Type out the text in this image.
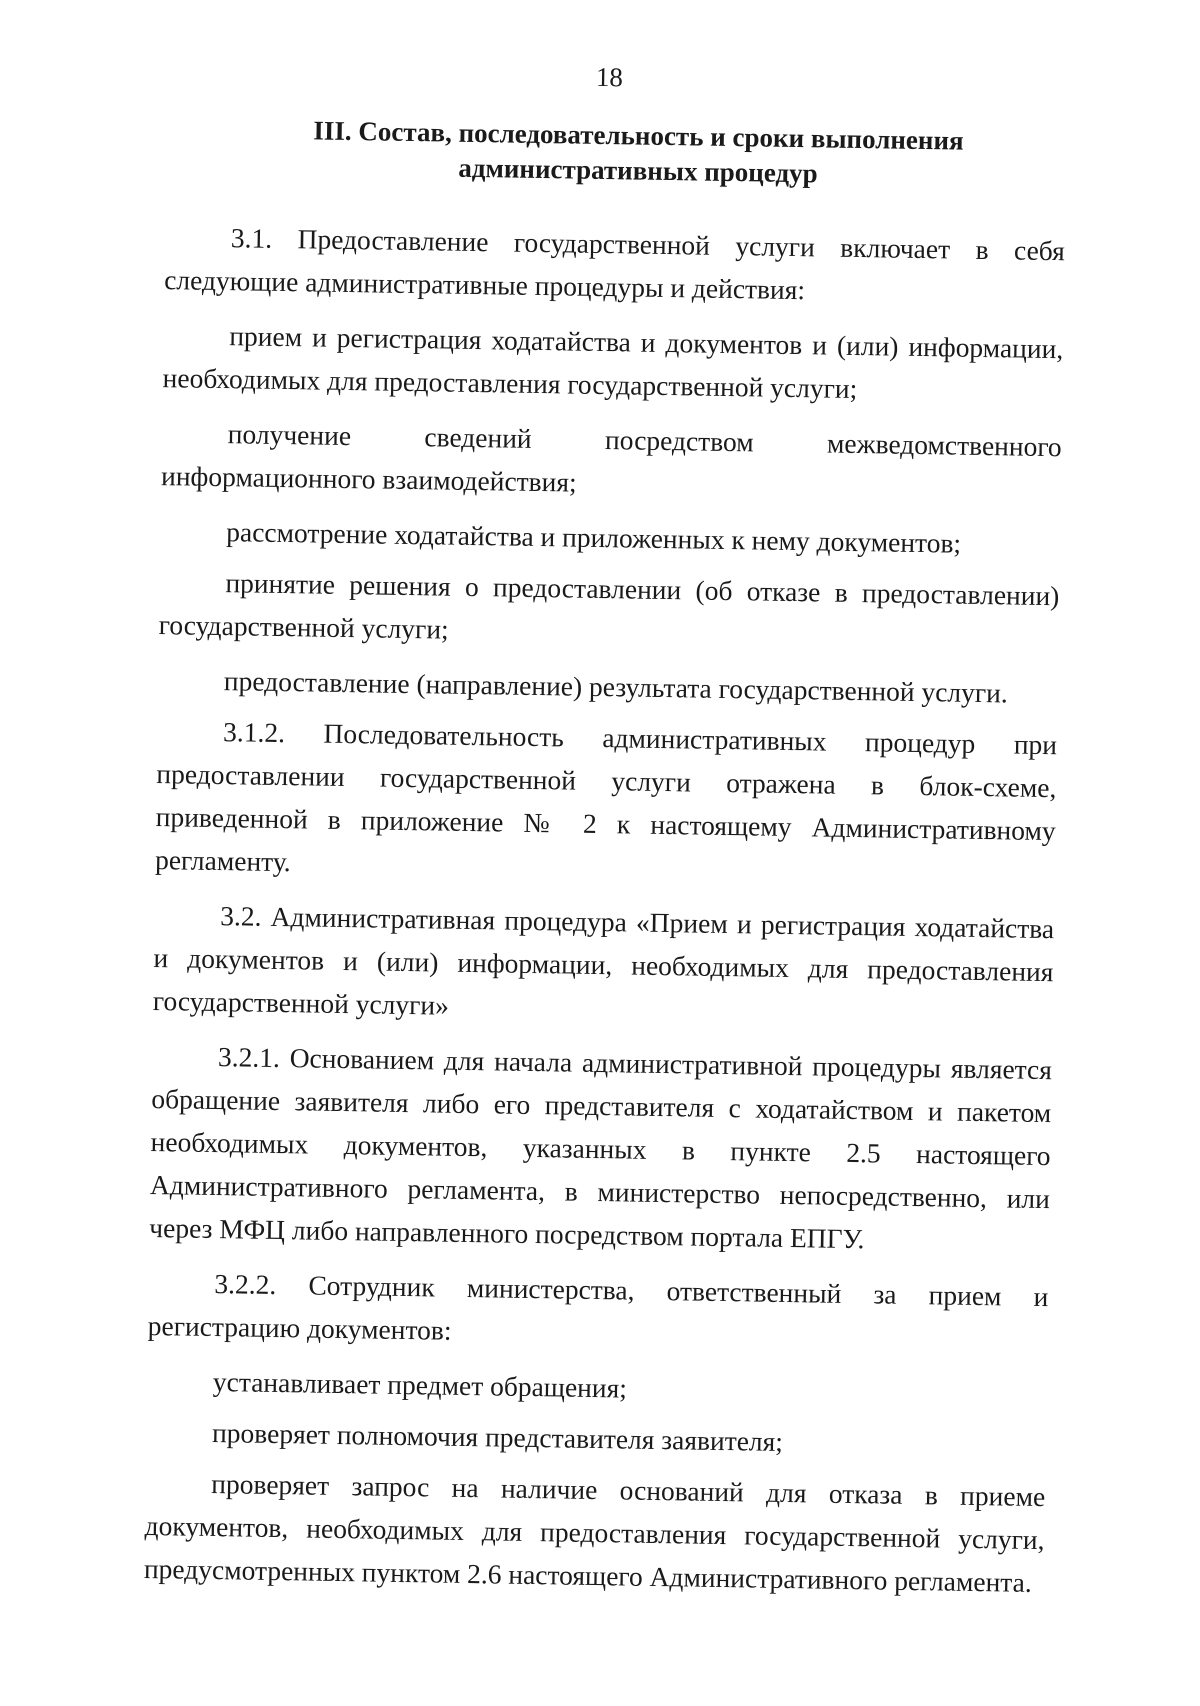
18
III. Состав, последовательность и сроки выполнения
административных процедур

3.1. Предоставление государственной услуги включает в себя следующие административные процедуры и действия:

прием и регистрация ходатайства и документов и (или) информации, необходимых для предоставления государственной услуги;

получение сведений посредством межведомственного информационного взаимодействия;

рассмотрение ходатайства и приложенных к нему документов;

принятие решения о предоставлении (об отказе в предоставлении) государственной услуги;

предоставление (направление) результата государственной услуги.

3.1.2. Последовательность административных процедур при предоставлении государственной услуги отражена в блок-схеме, приведенной в приложение № 2 к настоящему Административному регламенту.

3.2. Административная процедура «Прием и регистрация ходатайства и документов и (или) информации, необходимых для предоставления государственной услуги»

3.2.1. Основанием для начала административной процедуры является обращение заявителя либо его представителя с ходатайством и пакетом необходимых документов, указанных в пункте 2.5 настоящего Административного регламента, в министерство непосредственно, или через МФЦ либо направленного посредством портала ЕПГУ.

3.2.2. Сотрудник министерства, ответственный за прием и регистрацию документов:

устанавливает предмет обращения;

проверяет полномочия представителя заявителя;

проверяет запрос на наличие оснований для отказа в приеме документов, необходимых для предоставления государственной услуги, предусмотренных пунктом 2.6 настоящего Административного регламента.
